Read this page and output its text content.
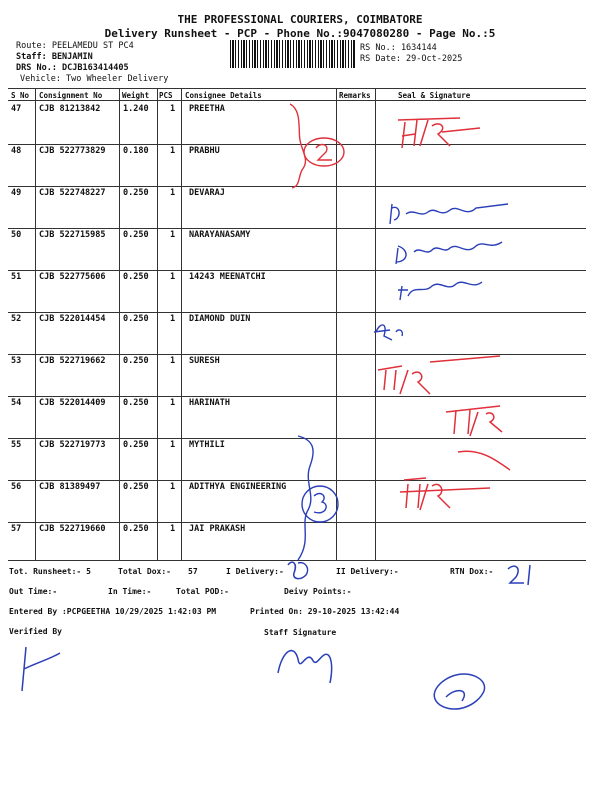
THE PROFESSIONAL COURIERS, COIMBATORE
Delivery Runsheet - PCP - Phone No.:9047080280 - Page No.:5
Route: PEELAMEDU ST PC4
Staff: BENJAMIN
DRS No.: DCJB163414405
Vehicle: Two Wheeler Delivery
RS No.: 1634144
RS Date: 29-Oct-2025
S No Consignment No	Weight PCS Consignee Details	Remarks	Seal & Signature
47 CJB 81213842	1.240	1 PREETHA
48 CJB 522773829 0.180	1 PRABHU
49 CJB 522748227 0.250	1 DEVARAJ
50 CJB 522715985 0.250	1 NARAYANASAMY
51 CJB 522775606 0.250	1 14243 MEENATCHI
52 CJB 522014454 0.250	1 DIAMOND DUIN
53 CJB 522719662 0.250	1 SURESH
54 CJB 522014409 0.250	1 HARINATH
55 CJB 522719773 0.250	1 MYTHILI
56 CJB 81389497	0.250	1 ADITHYA ENGINEERING
57 CJB 522719660 0.250	1 JAI PRAKASH
Tot. Runsheet:- 5	Total Dox:- 57	I Delivery:-	II Delivery:-	RTN Dox:-
Out Time:-	In Time:-	Total POD:-	Deivy Points:-
Entered By :PCPGEETHA 10/29/2025 1:42:03 PM	Printed On: 29-10-2025 13:42:44
Verified By	Staff Signature
